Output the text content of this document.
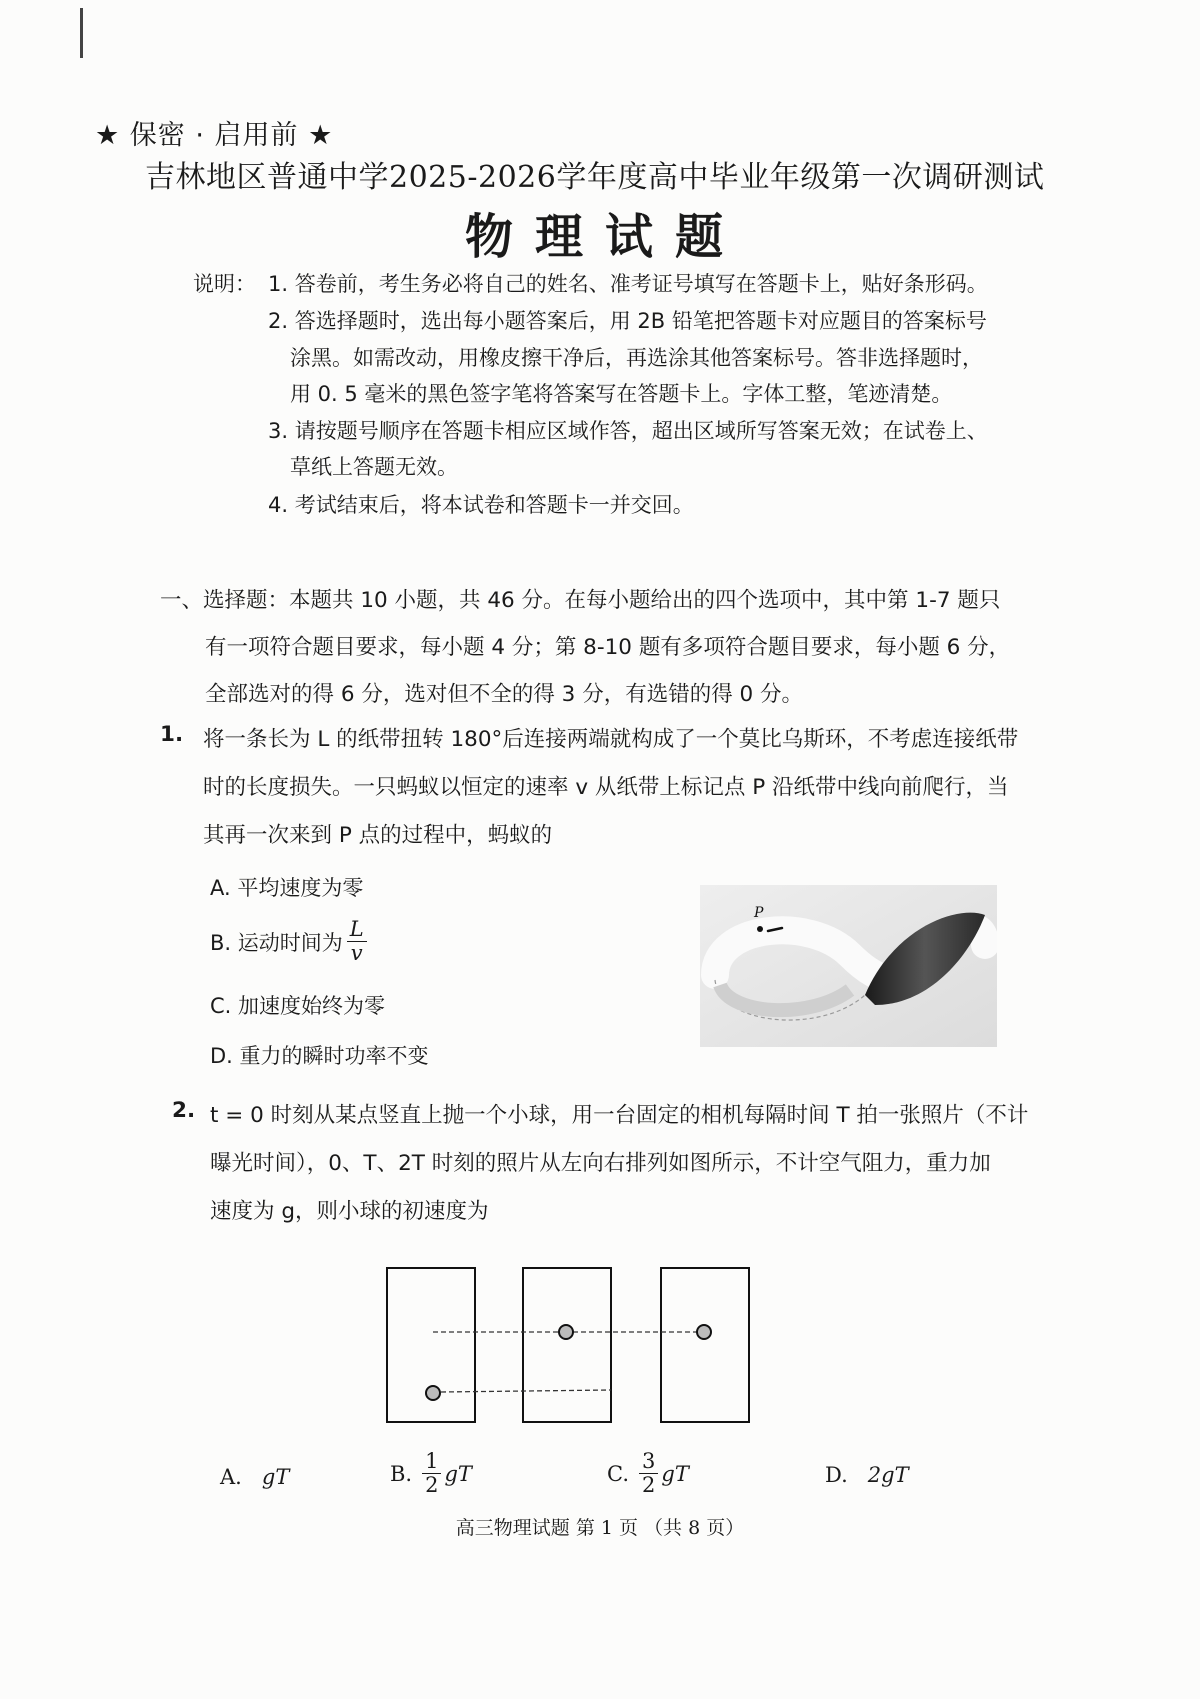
★ 保密 · 启用前 ★
吉林地区普通中学2025-2026学年度高中毕业年级第一次调研测试
物理试题
说明： 1. 答卷前，考生务必将自己的姓名、准考证号填写在答题卡上，贴好条形码。
2. 答选择题时，选出每小题答案后，用 2B 铅笔把答题卡对应题目的答案标号
涂黑。如需改动，用橡皮擦干净后，再选涂其他答案标号。答非选择题时，
用 0. 5 毫米的黑色签字笔将答案写在答题卡上。字体工整，笔迹清楚。
3. 请按题号顺序在答题卡相应区域作答，超出区域所写答案无效；在试卷上、
草纸上答题无效。
4. 考试结束后，将本试卷和答题卡一并交回。
一、选择题：本题共 10 小题，共 46 分。在每小题给出的四个选项中，其中第 1-7 题只
有一项符合题目要求，每小题 4 分；第 8-10 题有多项符合题目要求，每小题 6 分，
全部选对的得 6 分，选对但不全的得 3 分，有选错的得 0 分。
1. 将一条长为 L 的纸带扭转 180°后连接两端就构成了一个莫比乌斯环，不考虑连接纸带
时的长度损失。一只蚂蚁以恒定的速率 v 从纸带上标记点 P 沿纸带中线向前爬行，当
其再一次来到 P 点的过程中，蚂蚁的
A. 平均速度为零
B. 运动时间为 $\frac{L}{v}$
C. 加速度始终为零
D. 重力的瞬时功率不变
P
2. t = 0 时刻从某点竖直上抛一个小球，用一台固定的相机每隔时间 T 拍一张照片（不计
曝光时间），0、T、2T 时刻的照片从左向右排列如图所示，不计空气阻力，重力加
速度为 g，则小球的初速度为
A. gT	B. $\frac{1}{2}$ gT	C. $\frac{3}{2}$ gT	D. 2gT
高三物理试题 第 1 页 （共 8 页）
